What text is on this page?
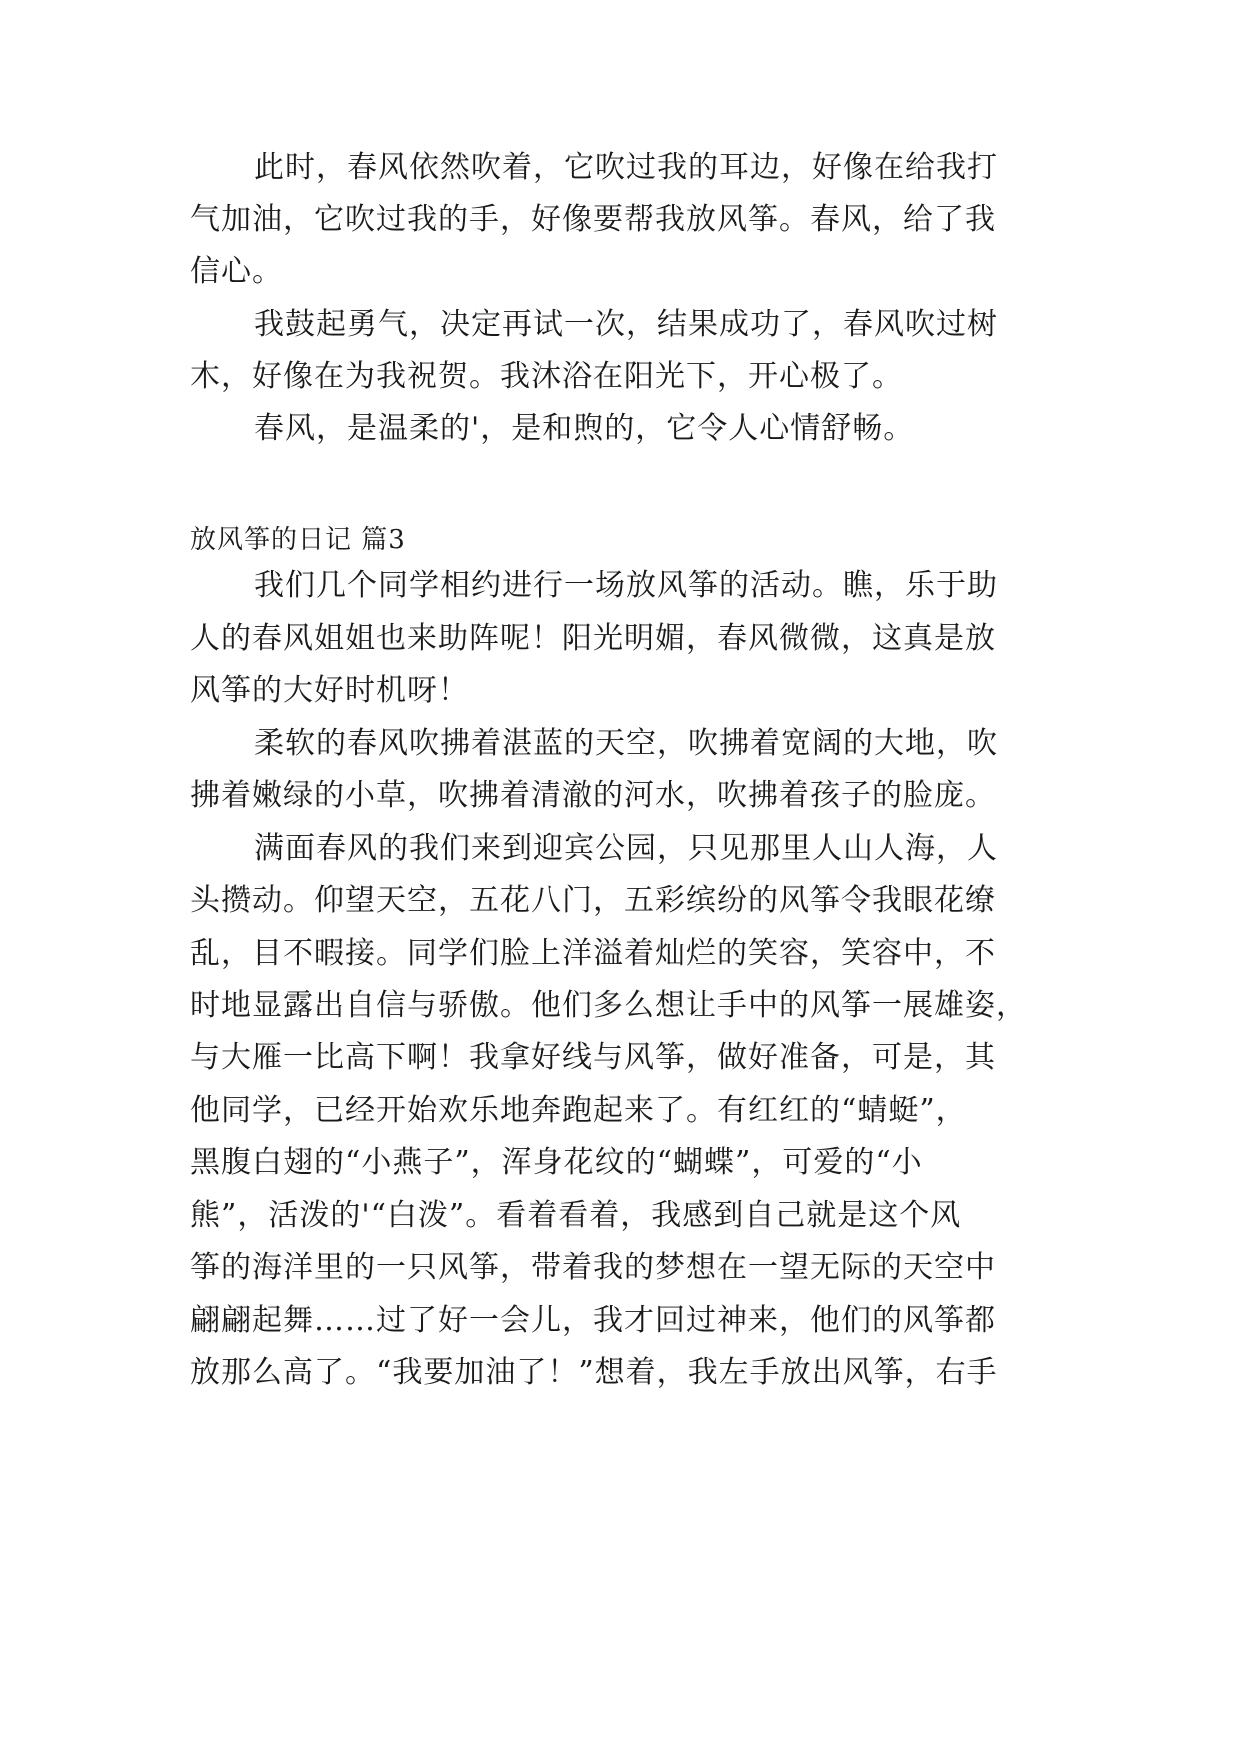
此时，春风依然吹着，它吹过我的耳边，好像在给我打
气加油，它吹过我的手，好像要帮我放风筝。春风，给了我
信心。
我鼓起勇气，决定再试一次，结果成功了，春风吹过树
木，好像在为我祝贺。我沐浴在阳光下，开心极了。
春风，是温柔的'，是和煦的，它令人心情舒畅。
放风筝的日记 篇3
我们几个同学相约进行一场放风筝的活动。瞧，乐于助
人的春风姐姐也来助阵呢！阳光明媚，春风微微，这真是放
风筝的大好时机呀！
柔软的春风吹拂着湛蓝的天空，吹拂着宽阔的大地，吹
拂着嫩绿的小草，吹拂着清澈的河水，吹拂着孩子的脸庞。
满面春风的我们来到迎宾公园，只见那里人山人海，人
头攒动。仰望天空，五花八门，五彩缤纷的风筝令我眼花缭
乱，目不暇接。同学们脸上洋溢着灿烂的笑容，笑容中，不
时地显露出自信与骄傲。他们多么想让手中的风筝一展雄姿，
与大雁一比高下啊！我拿好线与风筝，做好准备，可是，其
他同学，已经开始欢乐地奔跑起来了。有红红的“蜻蜓”，
黑腹白翅的“小燕子”，浑身花纹的“蝴蝶”，可爱的“小
熊”，活泼的'“白泼”。看着看着，我感到自己就是这个风
筝的海洋里的一只风筝，带着我的梦想在一望无际的天空中
翩翩起舞……过了好一会儿，我才回过神来，他们的风筝都
放那么高了。“我要加油了！”想着，我左手放出风筝，右手
